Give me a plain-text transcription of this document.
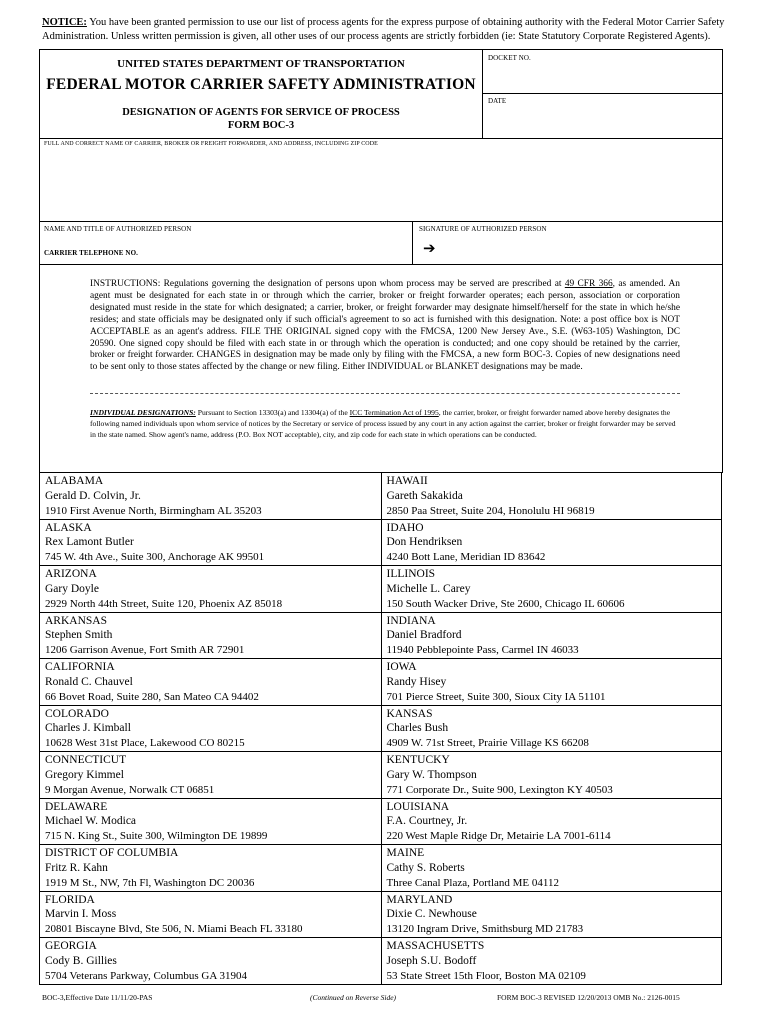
NOTICE: You have been granted permission to use our list of process agents for the express purpose of obtaining authority with the Federal Motor Carrier Safety Administration. Unless written permission is given, all other uses of our process agents are strictly forbidden (ie: State Statutory Corporate Registered Agents).
UNITED STATES DEPARTMENT OF TRANSPORTATION
FEDERAL MOTOR CARRIER SAFETY ADMINISTRATION
DESIGNATION OF AGENTS FOR SERVICE OF PROCESS
FORM BOC-3
DOCKET NO.
DATE
FULL AND CORRECT NAME OF CARRIER, BROKER OR FREIGHT FORWARDER, AND ADDRESS, INCLUDING ZIP CODE
NAME AND TITLE OF AUTHORIZED PERSON
CARRIER TELEPHONE NO.
SIGNATURE OF AUTHORIZED PERSON
➔
INSTRUCTIONS: Regulations governing the designation of persons upon whom process may be served are prescribed at 49 CFR 366, as amended. An agent must be designated for each state in or through which the carrier, broker or freight forwarder operates; each person, association or corporation designated must reside in the state for which designated; a carrier, broker, or freight forwarder may designate himself/herself for the state in which he/she resides; and state officials may be designated only if such official's agreement to so act is furnished with this designation. Note: a post office box is NOT ACCEPTABLE as an agent's address. FILE THE ORIGINAL signed copy with the FMCSA, 1200 New Jersey Ave., S.E. (W63-105) Washington, DC 20590. One signed copy should be filed with each state in or through which the operation is conducted; and one copy should be retained by the carrier, broker or freight forwarder. CHANGES in designation may be made only by filing with the FMCSA, a new form BOC-3. Copies of new designations need to be sent only to those states affected by the change or new filing. Either INDIVIDUAL or BLANKET designations may be made.
INDIVIDUAL DESIGNATIONS: Pursuant to Section 13303(a) and 13304(a) of the ICC Termination Act of 1995, the carrier, broker, or freight forwarder named above hereby designates the following named individuals upon whom service of notices by the Secretary or service of process issued by any court in any action against the carrier, broker or freight forwarder may be served in the state named. Show agent's name, address (P.O. Box NOT acceptable), city, and zip code for each state in which operations can be conducted.
ALABAMA
Gerald D. Colvin, Jr.
1910 First Avenue North, Birmingham AL 35203
ALASKA
Rex Lamont Butler
745 W. 4th Ave., Suite 300, Anchorage AK 99501
ARIZONA
Gary Doyle
2929 North 44th Street, Suite 120, Phoenix AZ 85018
ARKANSAS
Stephen Smith
1206 Garrison Avenue, Fort Smith AR 72901
CALIFORNIA
Ronald C. Chauvel
66 Bovet Road, Suite 280, San Mateo CA 94402
COLORADO
Charles J. Kimball
10628 West 31st Place, Lakewood CO 80215
CONNECTICUT
Gregory Kimmel
9 Morgan Avenue, Norwalk CT 06851
DELAWARE
Michael W. Modica
715 N. King St., Suite 300, Wilmington DE 19899
DISTRICT OF COLUMBIA
Fritz R. Kahn
1919 M St., NW, 7th Fl, Washington DC 20036
FLORIDA
Marvin I. Moss
20801 Biscayne Blvd, Ste 506, N. Miami Beach FL 33180
GEORGIA
Cody B. Gillies
5704 Veterans Parkway, Columbus GA 31904
HAWAII
Gareth Sakakida
2850 Paa Street, Suite 204, Honolulu HI 96819
IDAHO
Don Hendriksen
4240 Bott Lane, Meridian ID 83642
ILLINOIS
Michelle L. Carey
150 South Wacker Drive, Ste 2600, Chicago IL 60606
INDIANA
Daniel Bradford
11940 Pebblepointe Pass, Carmel IN 46033
IOWA
Randy Hisey
701 Pierce Street, Suite 300, Sioux City IA 51101
KANSAS
Charles Bush
4909 W. 71st Street, Prairie Village KS 66208
KENTUCKY
Gary W. Thompson
771 Corporate Dr., Suite 900, Lexington KY 40503
LOUISIANA
F.A. Courtney, Jr.
220 West Maple Ridge Dr, Metairie LA 7001-6114
MAINE
Cathy S. Roberts
Three Canal Plaza, Portland ME 04112
MARYLAND
Dixie C. Newhouse
13120 Ingram Drive, Smithsburg MD 21783
MASSACHUSETTS
Joseph S.U. Bodoff
53 State Street 15th Floor, Boston MA 02109
BOC-3,Effective Date 11/11/20-PAS	(Continued on Reverse Side)	FORM BOC-3 REVISED 12/20/2013 OMB No.: 2126-0015
